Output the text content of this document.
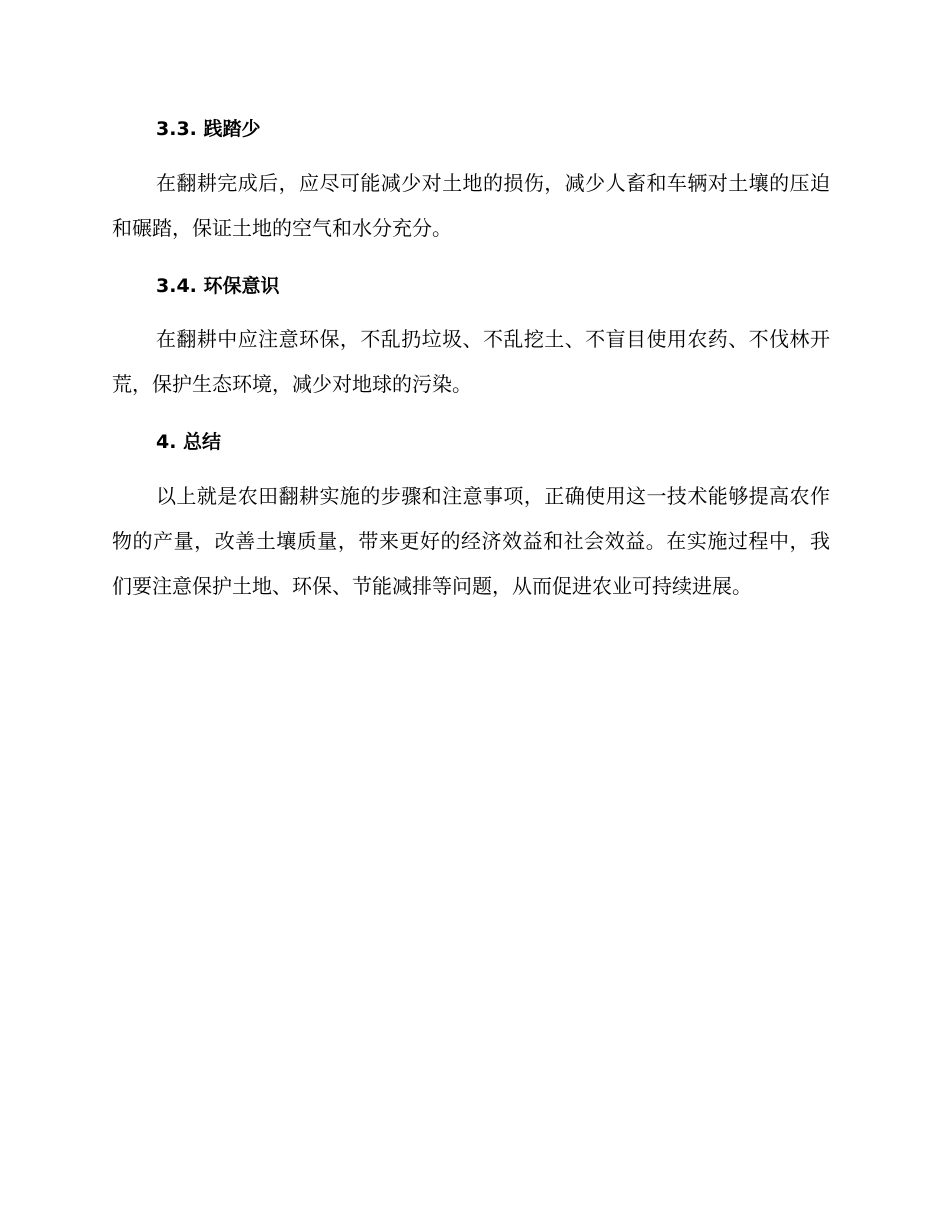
3.3. 践踏少

在翻耕完成后，应尽可能减少对土地的损伤，减少人畜和车辆对土壤的压迫和碾踏，保证土地的空气和水分充分。

3.4. 环保意识

在翻耕中应注意环保，不乱扔垃圾、不乱挖土、不盲目使用农药、不伐林开荒，保护生态环境，减少对地球的污染。

4. 总结

以上就是农田翻耕实施的步骤和注意事项，正确使用这一技术能够提高农作物的产量，改善土壤质量，带来更好的经济效益和社会效益。在实施过程中，我们要注意保护土地、环保、节能减排等问题，从而促进农业可持续进展。
